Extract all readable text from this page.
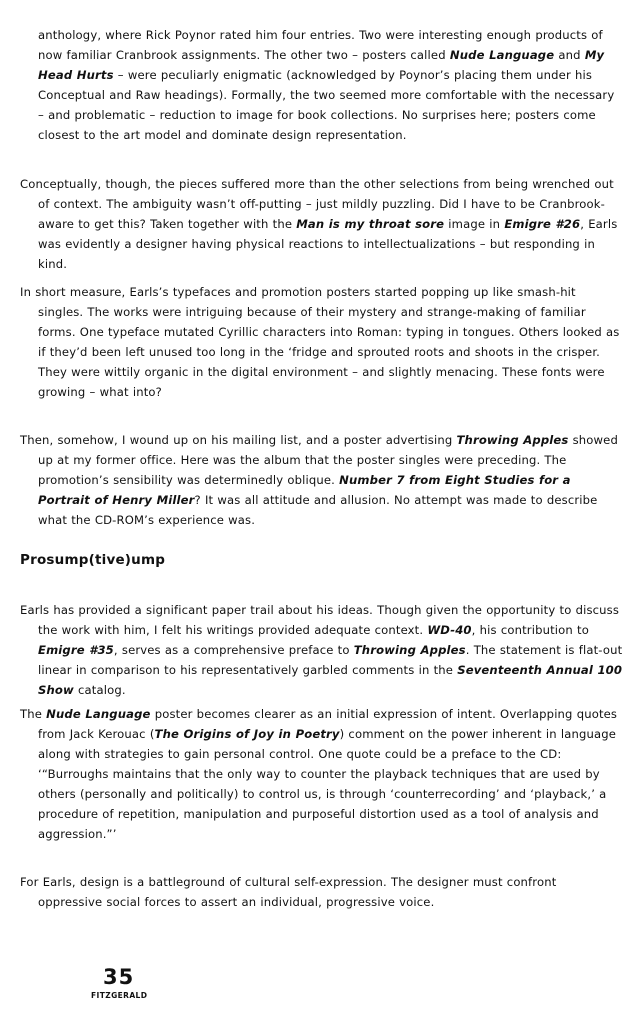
anthology, where Rick Poynor rated him four entries. Two were interesting enough products of now familiar Cranbrook assignments. The other two – posters called Nude Language and My Head Hurts – were peculiarly enigmatic (acknowledged by Poynor’s placing them under his Conceptual and Raw headings). Formally, the two seemed more comfortable with the necessary – and problematic – reduction to image for book collections. No surprises here; posters come closest to the art model and dominate design representation.

Conceptually, though, the pieces suffered more than the other selections from being wrenched out of context. The ambiguity wasn’t off-putting – just mildly puzzling. Did I have to be Cranbrook-aware to get this? Taken together with the Man is my throat sore image in Emigre #26, Earls was evidently a designer having physical reactions to intellectualizations – but responding in kind.

In short measure, Earls’s typefaces and promotion posters started popping up like smash-hit singles. The works were intriguing because of their mystery and strange-making of familiar forms. One typeface mutated Cyrillic characters into Roman: typing in tongues. Others looked as if they’d been left unused too long in the ‘fridge and sprouted roots and shoots in the crisper. They were wittily organic in the digital environment – and slightly menacing. These fonts were growing – what into?

Then, somehow, I wound up on his mailing list, and a poster advertising Throwing Apples showed up at my former office. Here was the album that the poster singles were preceding. The promotion’s sensibility was determinedly oblique. Number 7 from Eight Studies for a Portrait of Henry Miller? It was all attitude and allusion. No attempt was made to describe what the CD-ROM’s experience was.

Prosump(tive)ump

Earls has provided a significant paper trail about his ideas. Though given the opportunity to discuss the work with him, I felt his writings provided adequate context. WD-40, his contribution to Emigre #35, serves as a comprehensive preface to Throwing Apples. The statement is flat-out linear in comparison to his representatively garbled comments in the Seventeenth Annual 100 Show catalog.

The Nude Language poster becomes clearer as an initial expression of intent. Overlapping quotes from Jack Kerouac (The Origins of Joy in Poetry) comment on the power inherent in language along with strategies to gain personal control. One quote could be a preface to the CD: ‘“Burroughs maintains that the only way to counter the playback techniques that are used by others (personally and politically) to control us, is through ‘counterrecording’ and ‘playback,’ a procedure of repetition, manipulation and purposeful distortion used as a tool of analysis and aggression.”’

For Earls, design is a battleground of cultural self-expression. The designer must confront oppressive social forces to assert an individual, progressive voice.

35
FITZGERALD
